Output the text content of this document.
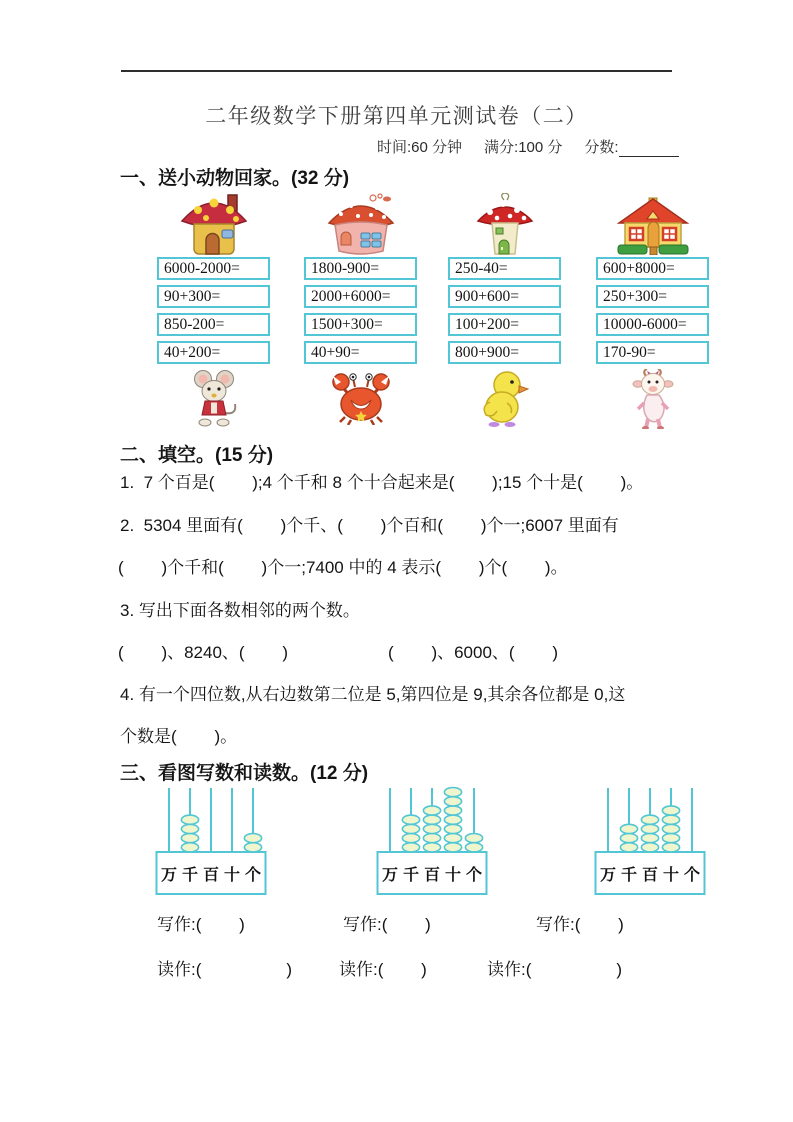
二年级数学下册第四单元测试卷（二）
时间:60 分钟 满分:100 分 分数:
一、送小动物回家。(32 分)
6000-2000=
90+300=
850-200=
40+200=
1800-900=
2000+6000=
1500+300=
40+90=
250-40=
900+600=
100+200=
800+900=
600+8000=
250+300=
10000-6000=
170-90=
二、填空。(15 分)
1.  7 个百是(        );4 个千和 8 个十合起来是(        );15 个十是(        )。
2.  5304 里面有(        )个千、(        )个百和(        )个一;6007 里面有
(        )个千和(        )个一;7400 中的 4 表示(        )个(        )。
3. 写出下面各数相邻的两个数。
(        )、8240、(        )	(        )、6000、(        )
4. 有一个四位数,从右边数第二位是 5,第四位是 9,其余各位都是 0,这
个数是(        )。
三、看图写数和读数。(12 分)
万 千 百 十 个	万 千 百 十 个	万 千 百 十 个
写作:(        )	写作:(        )	写作:(        )
读作:(                  )	读作:(        )	读作:(                  )
